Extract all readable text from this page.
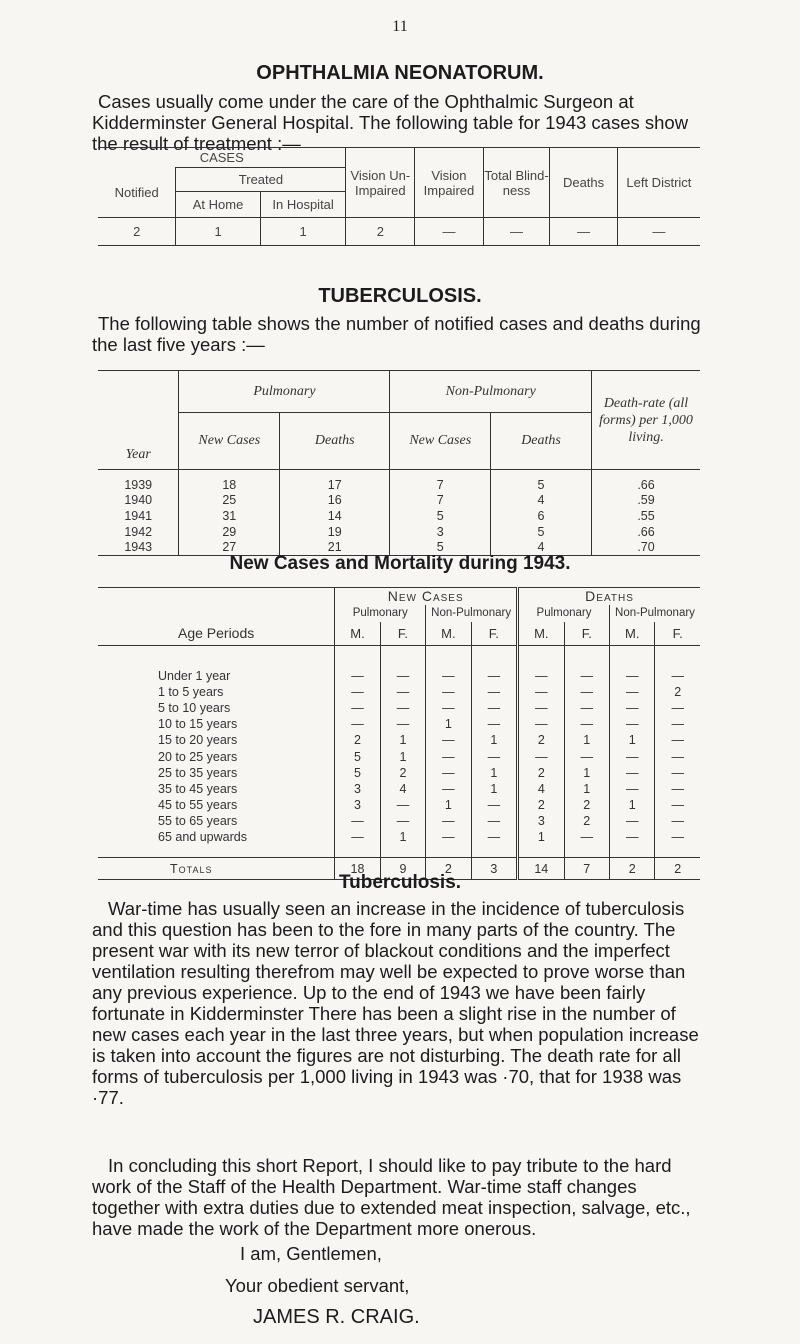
11
OPHTHALMIA NEONATORUM.
Cases usually come under the care of the Ophthalmic Surgeon at Kidderminster General Hospital. The following table for 1943 cases show the result of treatment :—
CASES			Vision Un- Impaired	Vision Impaired	Total Blind- ness	Deaths	Left District
Notified	Treated						
	At Home	In Hospital					
2	1	1	2	—	—	—	—
TUBERCULOSIS.
The following table shows the number of notified cases and deaths during the last five years :—
Year	Pulmonary		Non-Pulmonary		Death-rate (all forms) per 1,000 living.
	New Cases	Deaths	New Cases	Deaths	
1939	18	17	7	5	.66
1940	25	16	7	4	.59
1941	31	14	5	6	.55
1942	29	19	3	5	.66
1943	27	21	5	4	.70
New Cases and Mortality during 1943.
Age Periods	New Cases				Deaths			
	Pulmonary		Non-Pulmonary		Pulmonary		Non-Pulmonary	
	M.	F.	M.	F.	M.	F.	M.	F.

Under 1 year	—	—	—	—	—	—	—	—
1 to 5 years	—	—	—	—	—	—	—	2
5 to 10 years	—	—	—	—	—	—	—	—
10 to 15 years	—	—	1	—	—	—	—	—
15 to 20 years	2	1	—	1	2	1	1	—
20 to 25 years	5	1	—	—	—	—	—	—
25 to 35 years	5	2	—	1	2	1	—	—
35 to 45 years	3	4	—	1	4	1	—	—
45 to 55 years	3	—	1	—	2	2	1	—
55 to 65 years	—	—	—	—	3	2	—	—
65 and upwards	—	1	—	—	1	—	—	—

Totals	18	9	2	3	14	7	2	2
Tuberculosis.
War-time has usually seen an increase in the incidence of tuberculosis and this question has been to the fore in many parts of the country. The present war with its new terror of blackout conditions and the imperfect ventilation resulting therefrom may well be expected to prove worse than any previous experience. Up to the end of 1943 we have been fairly fortunate in Kidderminster There has been a slight rise in the number of new cases each year in the last three years, but when population increase is taken into account the figures are not disturbing. The death rate for all forms of tuberculosis per 1,000 living in 1943 was ·70, that for 1938 was ·77.
In concluding this short Report, I should like to pay tribute to the hard work of the Staff of the Health Department. War-time staff changes together with extra duties due to extended meat inspection, salvage, etc., have made the work of the Department more onerous.
I am, Gentlemen,
Your obedient servant,
JAMES R. CRAIG.
